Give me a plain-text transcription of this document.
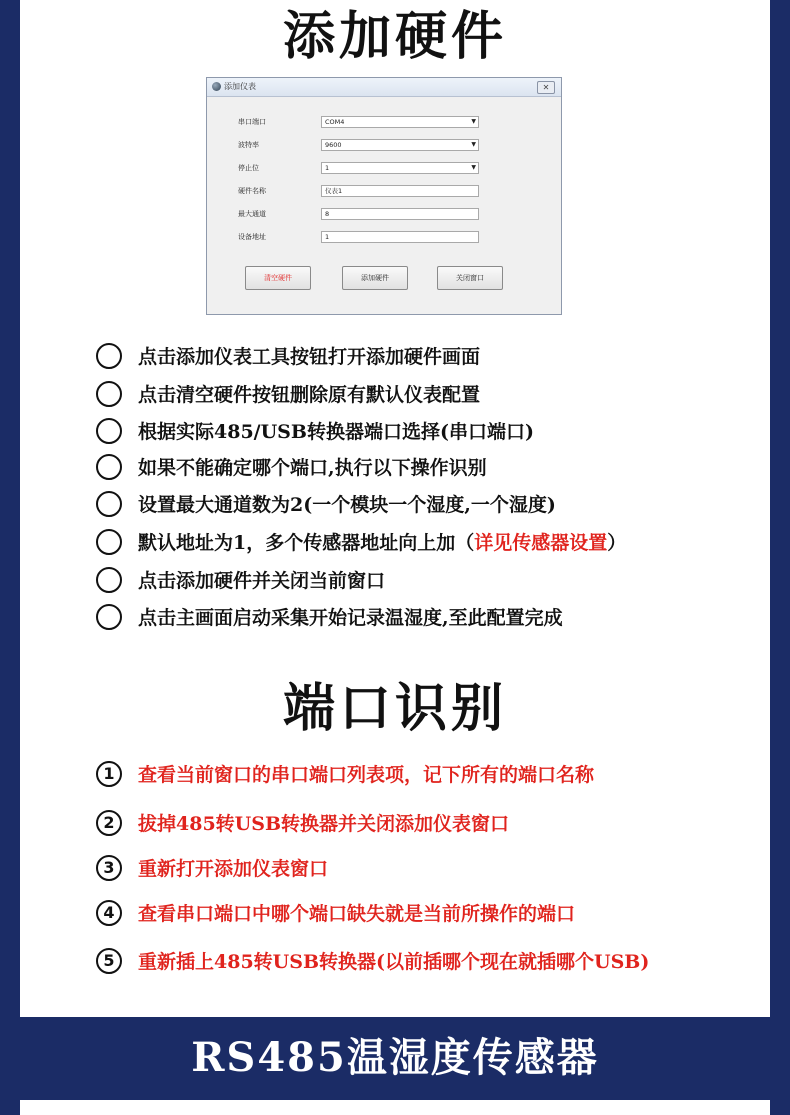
添加硬件
添加仪表	✕
串口端口	COM4	▼
波特率	9600	▼
停止位	1	▼
硬件名称	仪表1
最大通道	8
设备地址	1
清空硬件	添加硬件	关闭窗口
点击添加仪表工具按钮打开添加硬件画面
点击清空硬件按钮删除原有默认仪表配置
根据实际485/USB转换器端口选择(串口端口)
如果不能确定哪个端口,执行以下操作识别
设置最大通道数为2(一个模块一个湿度,一个湿度)
默认地址为1，多个传感器地址向上加（详见传感器设置）
点击添加硬件并关闭当前窗口
点击主画面启动采集开始记录温湿度,至此配置完成
端口识别
1	查看当前窗口的串口端口列表项，记下所有的端口名称
2	拔掉485转USB转换器并关闭添加仪表窗口
3	重新打开添加仪表窗口
4	查看串口端口中哪个端口缺失就是当前所操作的端口
5	重新插上485转USB转换器(以前插哪个现在就插哪个USB)
RS485温湿度传感器
